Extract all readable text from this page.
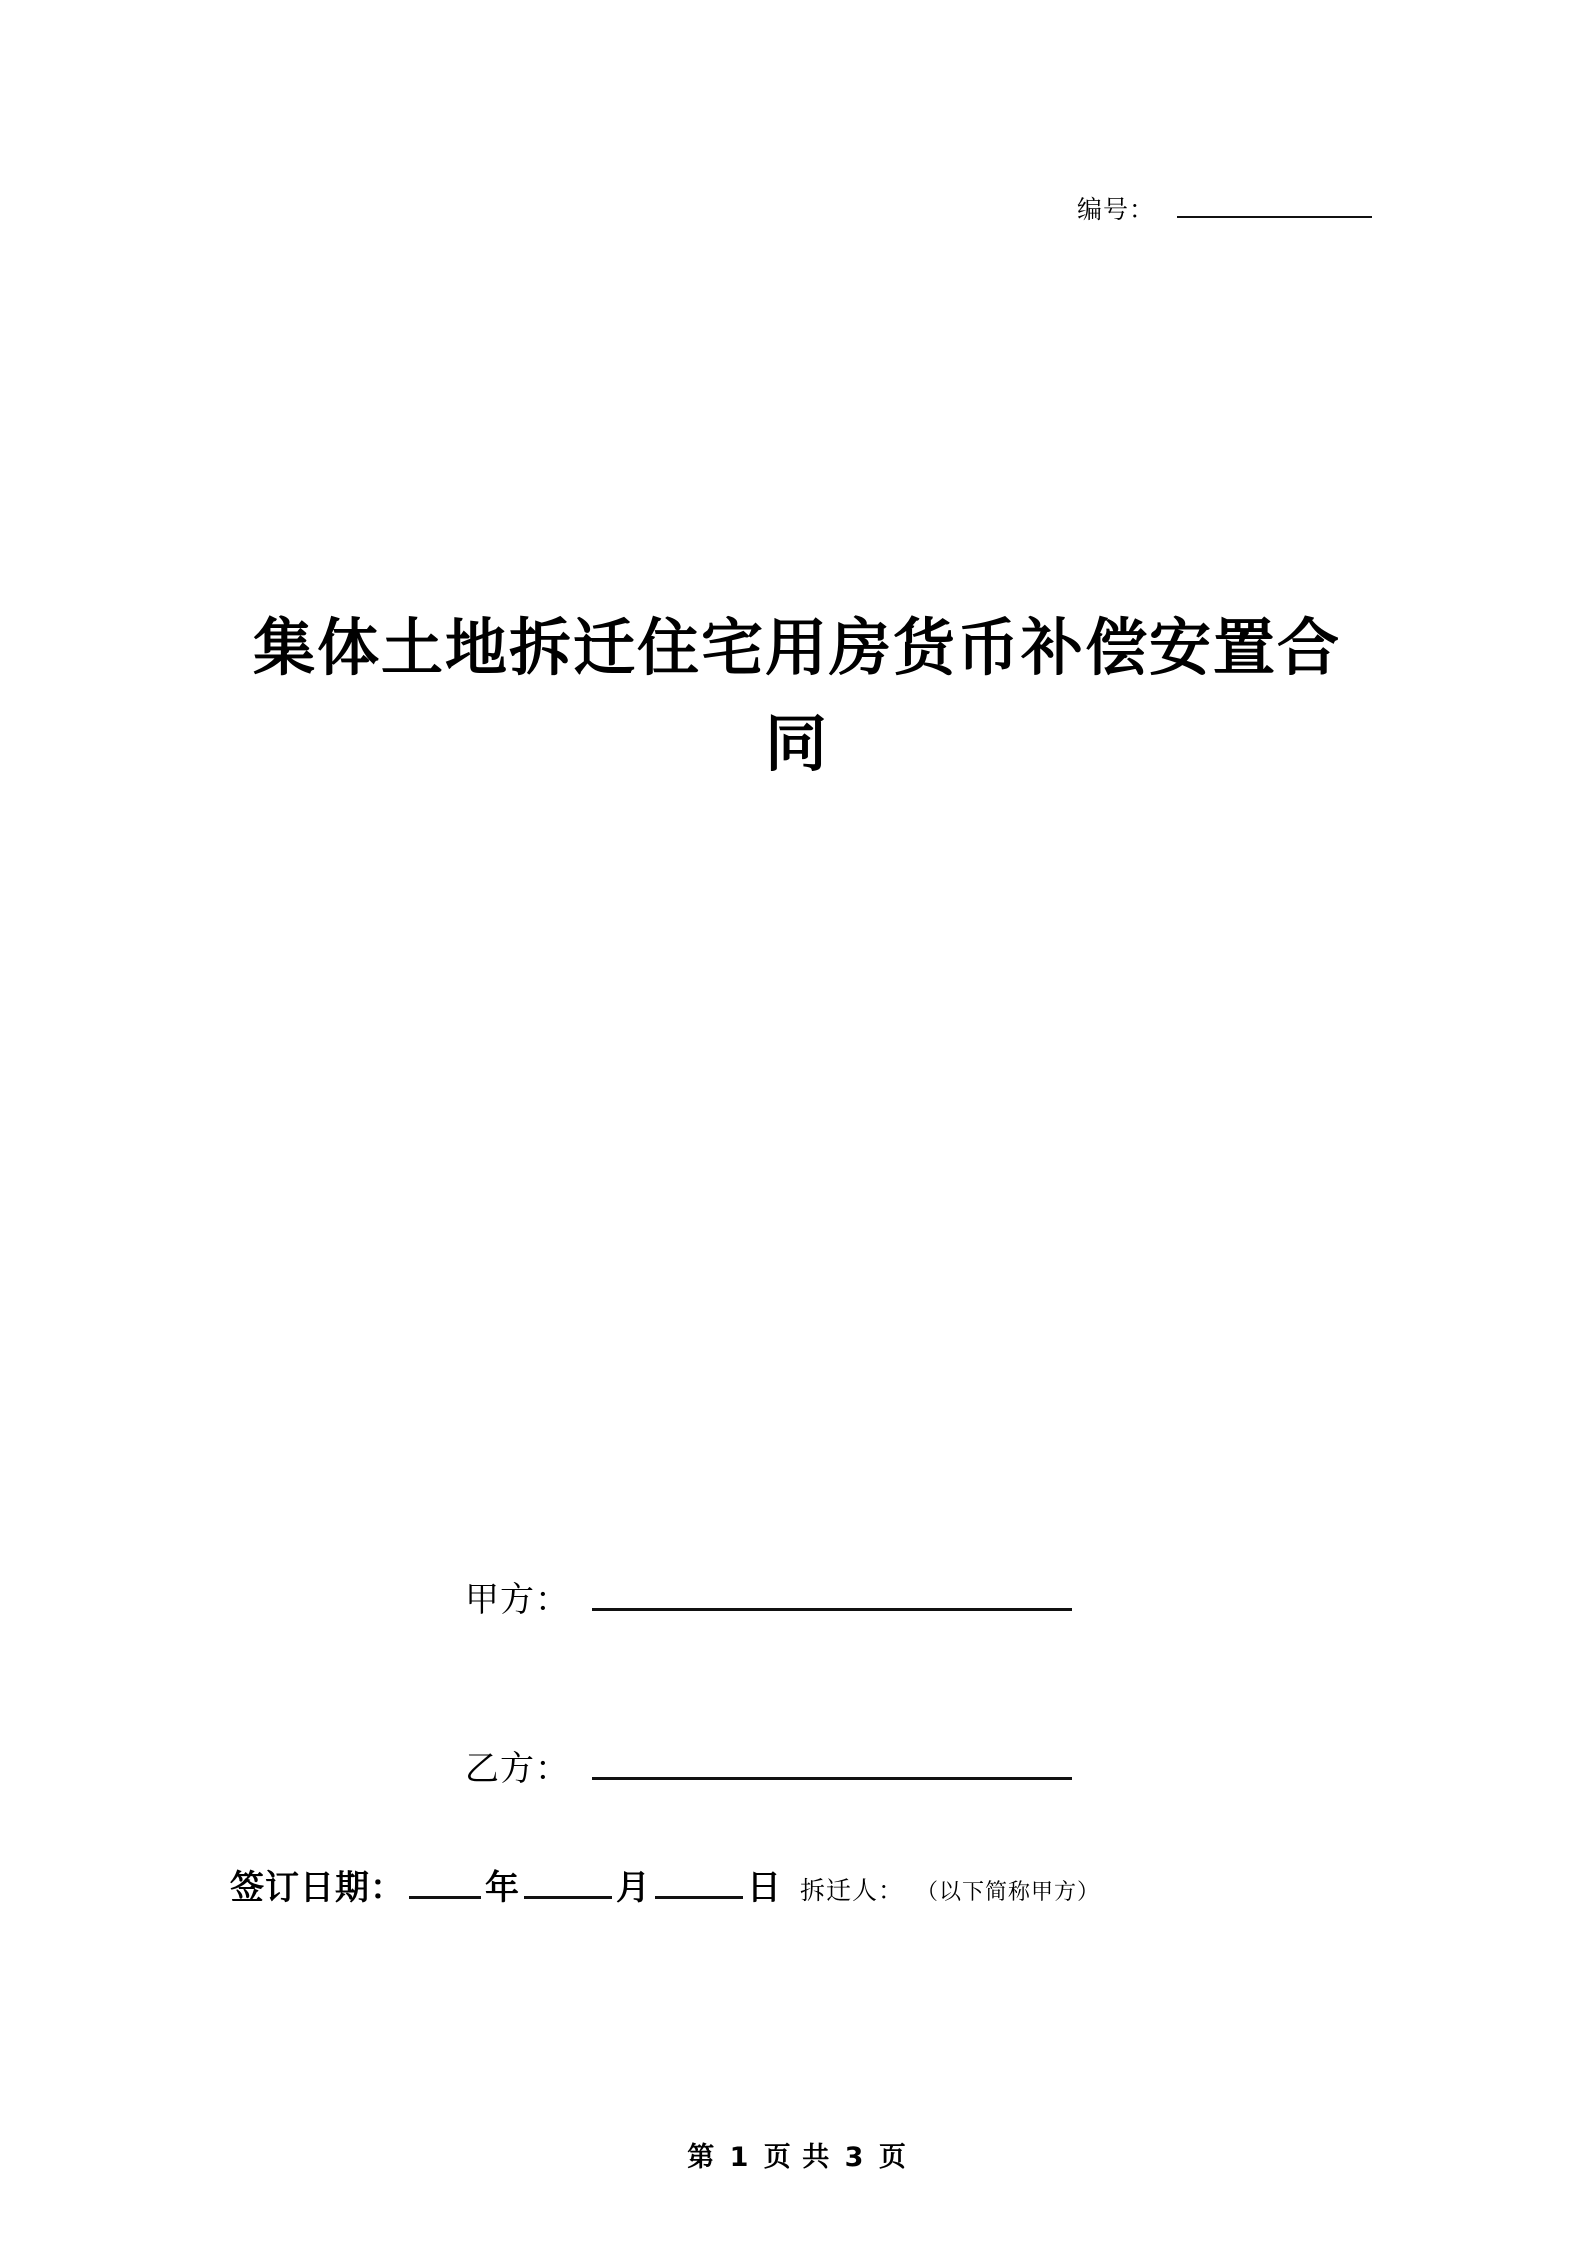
编号：
集体土地拆迁住宅用房货币补偿安置合同
甲方：
乙方：
签订日期： 年	月	日 拆迁人： （以下简称甲方）
第 1 页 共 3 页
